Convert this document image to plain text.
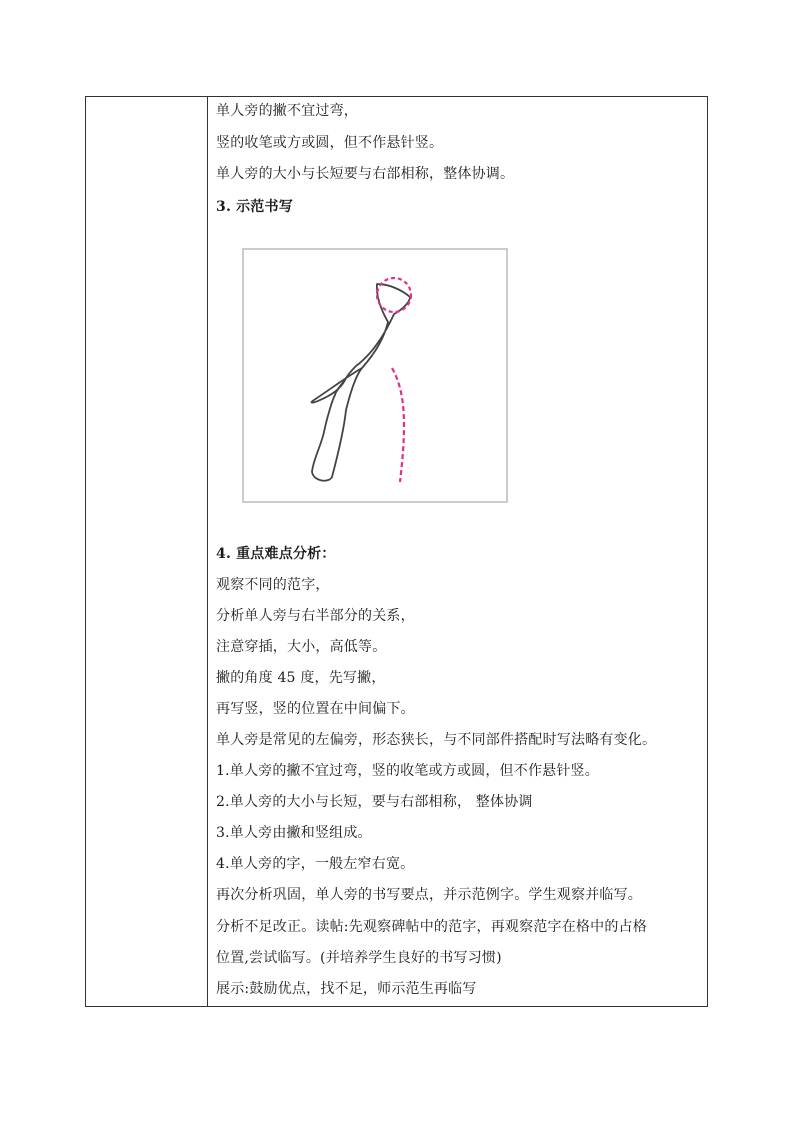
单人旁的撇不宜过弯，
竖的收笔或方或圆，但不作悬针竖。
单人旁的大小与长短要与右部相称，整体协调。
3. 示范书写
4. 重点难点分析：
观察不同的范字，
分析单人旁与右半部分的关系，
注意穿插，大小，高低等。
撇的角度 45 度，先写撇，
再写竖，竖的位置在中间偏下。
单人旁是常见的左偏旁，形态狭长，与不同部件搭配时写法略有变化。
1.单人旁的撇不宜过弯，竖的收笔或方或圆，但不作悬针竖。
2.单人旁的大小与长短，要与右部相称， 整体协调
3.单人旁由撇和竖组成。
4.单人旁的字，一般左窄右宽。
再次分析巩固，单人旁的书写要点，并示范例字。学生观察并临写。
分析不足改正。读帖:先观察碑帖中的范字，再观察范字在格中的占格
位置,尝试临写。(并培养学生良好的书写习惯)
展示:鼓励优点，找不足，师示范生再临写
